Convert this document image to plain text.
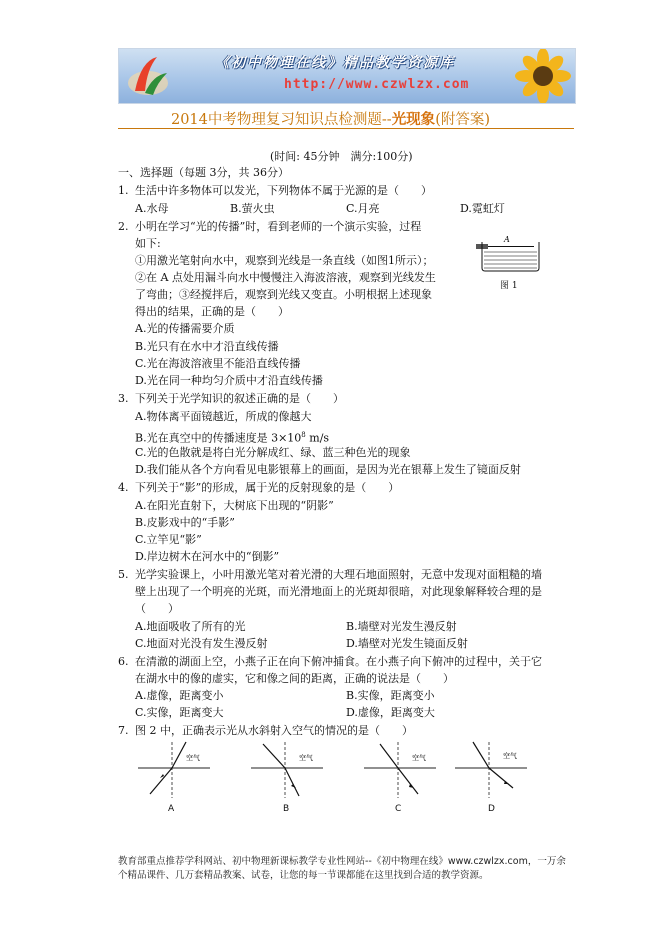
《初中物理在线》精品教学资源库
http://www.czwlzx.com
2014中考物理复习知识点检测题--光现象(附答案)
(时间: 45分钟　满分:100分)
一、选择题（每题 3分，共 36分）
1. 生活中许多物体可以发光，下列物体不属于光源的是（　　）
A.水母	B.萤火虫	C.月亮	D.霓虹灯
2. 小明在学习“光的传播”时，看到老师的一个演示实验，过程
如下:
①用激光笔射向水中，观察到光线是一条直线（如图1所示）；
②在 A 点处用漏斗向水中慢慢注入海波溶液，观察到光线发生
了弯曲；③经搅拌后，观察到光线又变直。小明根据上述现象
得出的结果，正确的是（　　）
A.光的传播需要介质
B.光只有在水中才沿直线传播
C.光在海波溶液里不能沿直线传播
D.光在同一种均匀介质中才沿直线传播
A
图 1
3. 下列关于光学知识的叙述正确的是（　　）
A.物体离平面镜越近，所成的像越大
B.光在真空中的传播速度是 $3\times 10^8$ m/s
C.光的色散就是将白光分解成红、绿、蓝三种色光的现象
D.我们能从各个方向看见电影银幕上的画面，是因为光在银幕上发生了镜面反射
4. 下列关于“影”的形成，属于光的反射现象的是（　　）
A.在阳光直射下，大树底下出现的“阴影”
B.皮影戏中的“手影”
C.立竿见“影”
D.岸边树木在河水中的“倒影”
5. 光学实验课上，小叶用激光笔对着光滑的大理石地面照射，无意中发现对面粗糙的墙
壁上出现了一个明亮的光斑，而光滑地面上的光斑却很暗，对此现象解释较合理的是
（　　）
A.地面吸收了所有的光	B.墙壁对光发生漫反射
C.地面对光没有发生漫反射	D.墙壁对光发生镜面反射
6. 在清澈的湖面上空，小燕子正在向下俯冲捕食。在小燕子向下俯冲的过程中，关于它
在湖水中的像的虚实，它和像之间的距离，正确的说法是（　　）
A.虚像，距离变小	B.实像，距离变小
C.实像，距离变大	D.虚像，距离变大
7. 图 2 中，正确表示光从水斜射入空气的情况的是（　　）
空气
A
空气
B
空气
C
空气
D
教育部重点推荐学科网站、初中物理新课标教学专业性网站--《初中物理在线》www.czwlzx.com，一万余
个精品课件、几万套精品教案、试卷，让您的每一节课都能在这里找到合适的教学资源。
